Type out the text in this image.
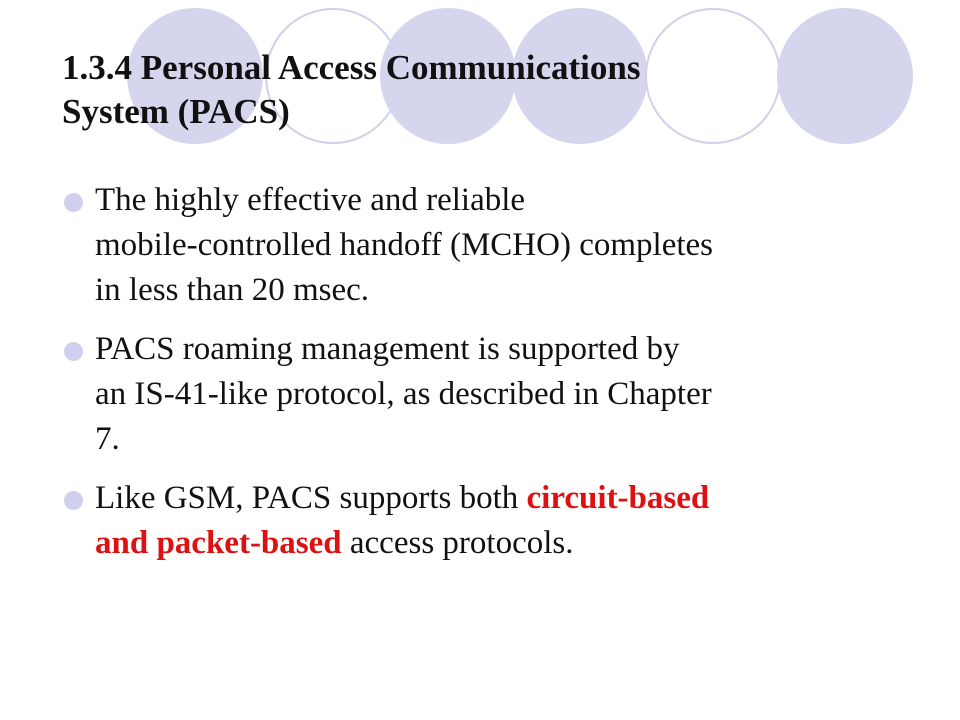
1.3.4 Personal Access Communications
System (PACS)
The highly effective and reliable
mobile-controlled handoff (MCHO) completes
in less than 20 msec.
PACS roaming management is supported by
an IS-41-like protocol, as described in Chapter
7.
Like GSM, PACS supports both circuit-based
and packet-based access protocols.
